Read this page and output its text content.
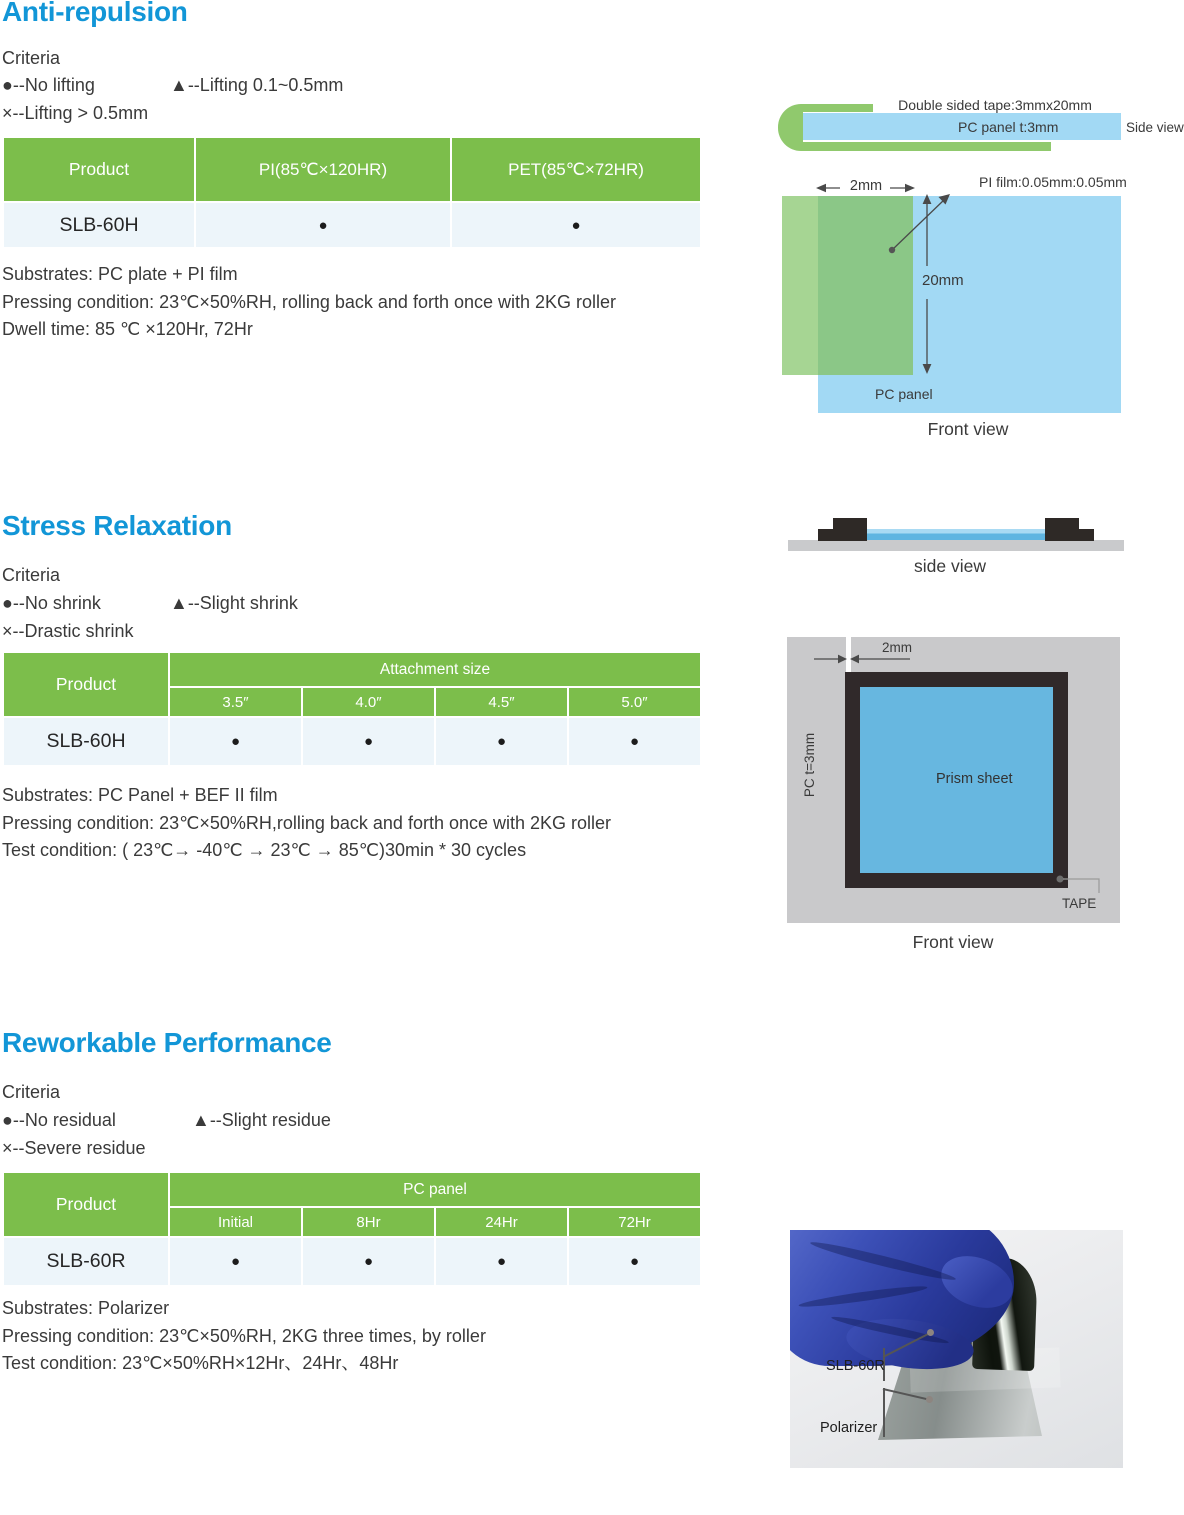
Anti-repulsion
Criteria
●--No lifting	▲--Lifting 0.1~0.5mm
×--Lifting > 0.5mm
Product	PI(85℃×120HR)	PET(85℃×72HR)
SLB-60H	●	●
Substrates: PC plate + PI film
Pressing condition: 23℃×50%RH, rolling back and forth once with 2KG roller
Dwell time: 85 ℃ ×120Hr, 72Hr
Double sided tape:3mmx20mm
PC panel t:3mm	Side view
2mm	PI film:0.05mm:0.05mm
20mm
PC panel
Front view
Stress Relaxation
Criteria
●--No shrink	▲--Slight shrink
×--Drastic shrink
Product
Attachment size
3.5″	4.0″	4.5″	5.0″
SLB-60H	●	●	●	●
Substrates: PC Panel + BEF II film
Pressing condition: 23℃×50%RH,rolling back and forth once with 2KG roller
Test condition: ( 23℃→ -40℃ → 23℃ → 85℃)30min * 30 cycles
side view
2mm
PC t=3mm	Prism sheet
TAPE
Front view
Reworkable Performance
Criteria
●--No residual	▲--Slight residue
×--Severe residue
Product
PC panel
Initial	8Hr	24Hr	72Hr
SLB-60R	●	●	●	●
Substrates: Polarizer
Pressing condition: 23℃×50%RH, 2KG three times, by roller
Test condition: 23℃×50%RH×12Hr、24Hr、48Hr	SLB-60R
Polarizer
